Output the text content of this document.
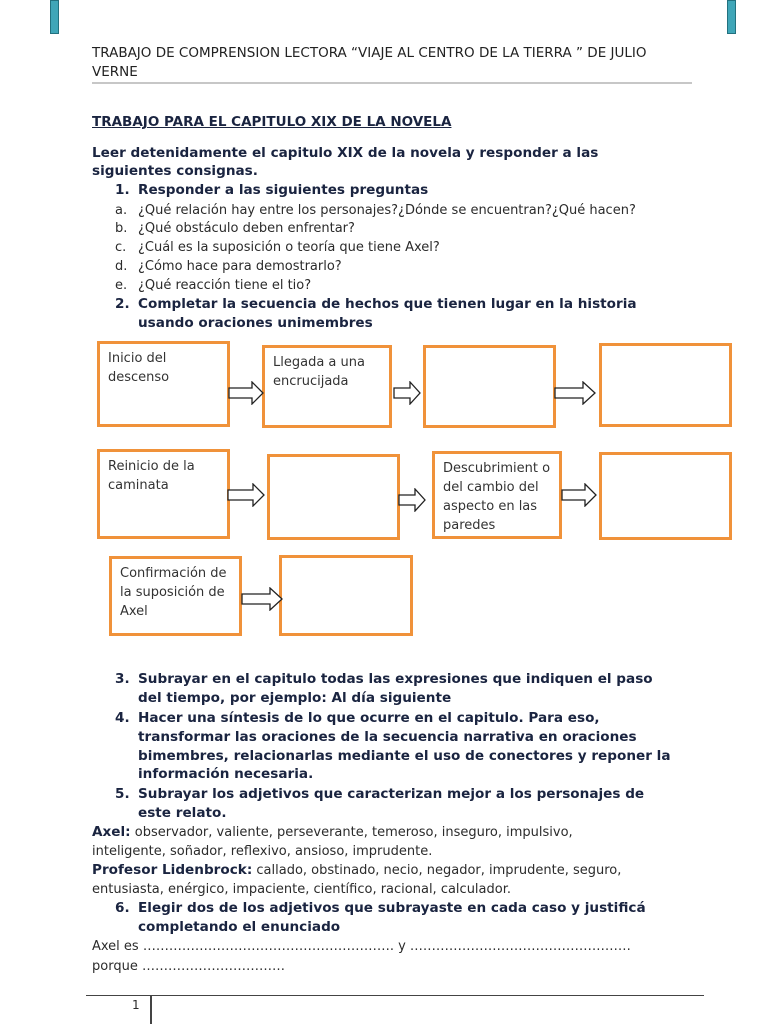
TRABAJO DE COMPRENSION LECTORA “VIAJE AL CENTRO DE LA TIERRA ” DE JULIO
VERNE
TRABAJO PARA EL CAPITULO XIX DE LA NOVELA
Leer detenidamente el capitulo XIX de la novela y responder a las
siguientes consignas.
1. Responder a las siguientes preguntas
a. ¿Qué relación hay entre los personajes?¿Dónde se encuentran?¿Qué hacen?
b. ¿Qué obstáculo deben enfrentar?
c. ¿Cuál es la suposición o teoría que tiene Axel?
d. ¿Cómo hace para demostrarlo?
e. ¿Qué reacción tiene el tio?
2. Completar la secuencia de hechos que tienen lugar en la historia
usando oraciones unimembres
Inicio del descenso
Llegada a una encrucijada
Reinicio de la caminata
Descubrimient o del cambio del aspecto en las paredes
Confirmación de la suposición de Axel
3. Subrayar en el capitulo todas las expresiones que indiquen el paso
del tiempo, por ejemplo: Al día siguiente
4. Hacer una síntesis de lo que ocurre en el capitulo. Para eso,
transformar las oraciones de la secuencia narrativa en oraciones
bimembres, relacionarlas mediante el uso de conectores y reponer la
información necesaria.
5. Subrayar los adjetivos que caracterizan mejor a los personajes de
este relato.
Axel: observador, valiente, perseverante, temeroso, inseguro, impulsivo,
inteligente, soñador, reflexivo, ansioso, imprudente.
Profesor Lidenbrock: callado, obstinado, necio, negador, imprudente, seguro,
entusiasta, enérgico, impaciente, científico, racional, calculador.
6. Elegir dos de los adjetivos que subrayaste en cada caso y justificá
completando el enunciado
Axel es …………………………………………………. y ……………………………………………
porque ……………………………
1
